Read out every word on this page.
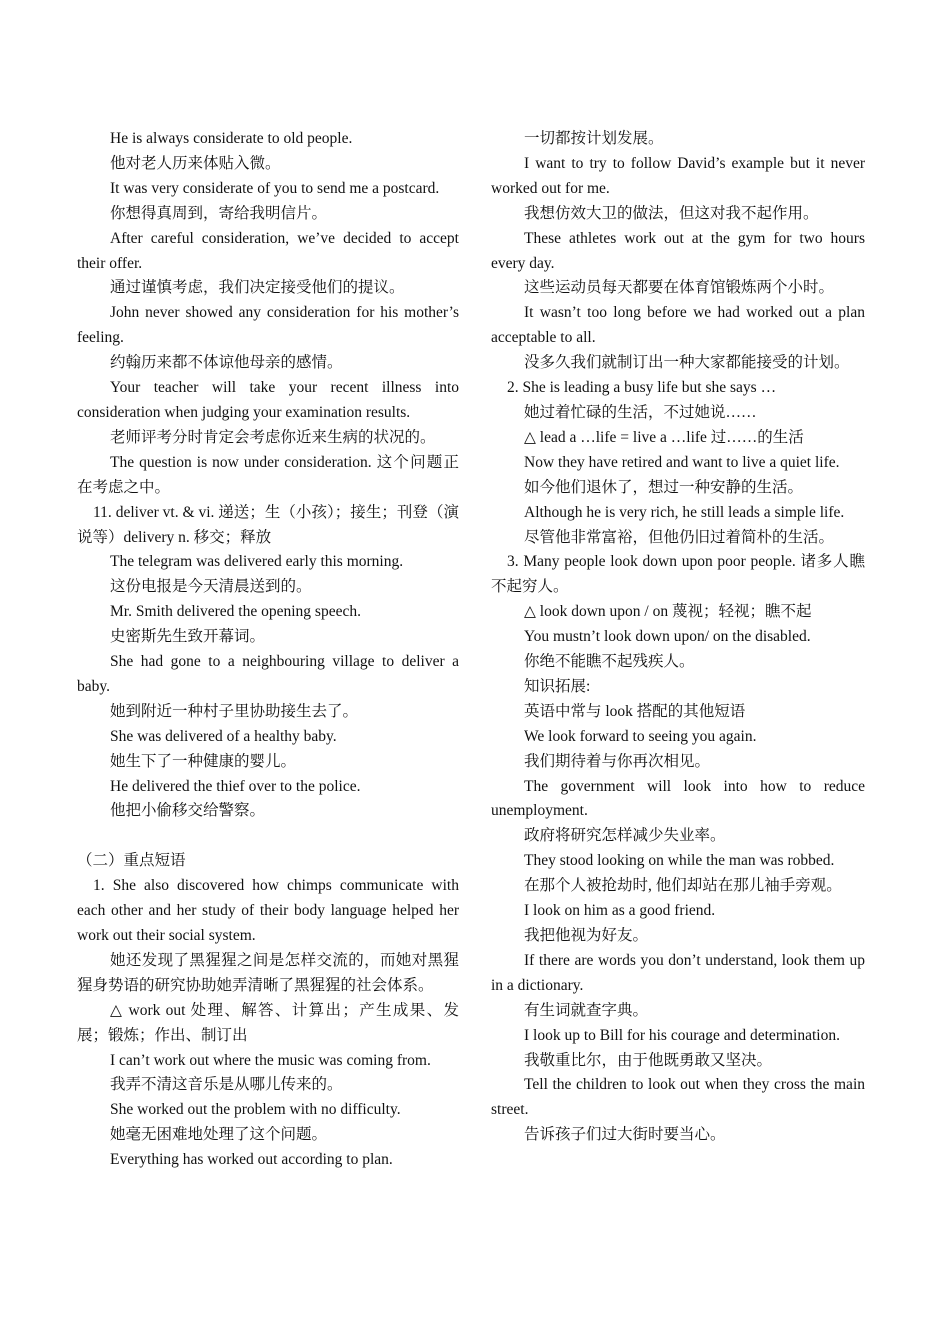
He is always considerate to old people.

他对老人历来体贴入微。

It was very considerate of you to send me a postcard.

你想得真周到，寄给我明信片。

After careful consideration, we’ve decided to accept their offer.

通过谨慎考虑，我们决定接受他们的提议。

John never showed any consideration for his mother’s feeling.

约翰历来都不体谅他母亲的感情。

Your teacher will take your recent illness into consideration when judging your examination results.

老师评考分时肯定会考虑你近来生病的状况的。

The question is now under consideration. 这个问题正在考虑之中。

11. deliver vt. & vi. 递送；生（小孩）；接生；刊登（演说等）delivery n. 移交；释放

The telegram was delivered early this morning.

这份电报是今天清晨送到的。

Mr. Smith delivered the opening speech.

史密斯先生致开幕词。

She had gone to a neighbouring village to deliver a baby.

她到附近一种村子里协助接生去了。

She was delivered of a healthy baby.

她生下了一种健康的婴儿。

He delivered the thief over to the police.

他把小偷移交给警察。

（二）重点短语

1. She also discovered how chimps communicate with each other and her study of their body language helped her work out their social system.

她还发现了黑猩猩之间是怎样交流的，而她对黑猩猩身势语的研究协助她弄清晰了黑猩猩的社会体系。

△ work out 处理、解答、计算出；产生成果、发展；锻炼；作出、制订出

I can’t work out where the music was coming from.

我弄不清这音乐是从哪儿传来的。

She worked out the problem with no difficulty.

她毫无困难地处理了这个问题。

Everything has worked out according to plan.

一切都按计划发展。

I want to try to follow David’s example but it never worked out for me.

我想仿效大卫的做法，但这对我不起作用。

These athletes work out at the gym for two hours every day.

这些运动员每天都要在体育馆锻炼两个小时。

It wasn’t too long before we had worked out a plan acceptable to all.

没多久我们就制订出一种大家都能接受的计划。

2. She is leading a busy life but she says …

她过着忙碌的生活，不过她说……

△ lead a …life = live a …life 过……的生活

Now they have retired and want to live a quiet life.

如今他们退休了，想过一种安静的生活。

Although he is very rich, he still leads a simple life.

尽管他非常富裕，但他仍旧过着简朴的生活。

3. Many people look down upon poor people. 诸多人瞧不起穷人。

△ look down upon / on 蔑视；轻视；瞧不起

You mustn’t look down upon/ on the disabled.

你绝不能瞧不起残疾人。

知识拓展:

英语中常与 look 搭配的其他短语

We look forward to seeing you again.

我们期待着与你再次相见。

The government will look into how to reduce unemployment.

政府将研究怎样减少失业率。

They stood looking on while the man was robbed.

在那个人被抢劫时, 他们却站在那儿袖手旁观。

I look on him as a good friend.

我把他视为好友。

If there are words you don’t understand, look them up in a dictionary.

有生词就查字典。

I look up to Bill for his courage and determination.

我敬重比尔，由于他既勇敢又坚决。

Tell the children to look out when they cross the main street.

告诉孩子们过大街时要当心。
